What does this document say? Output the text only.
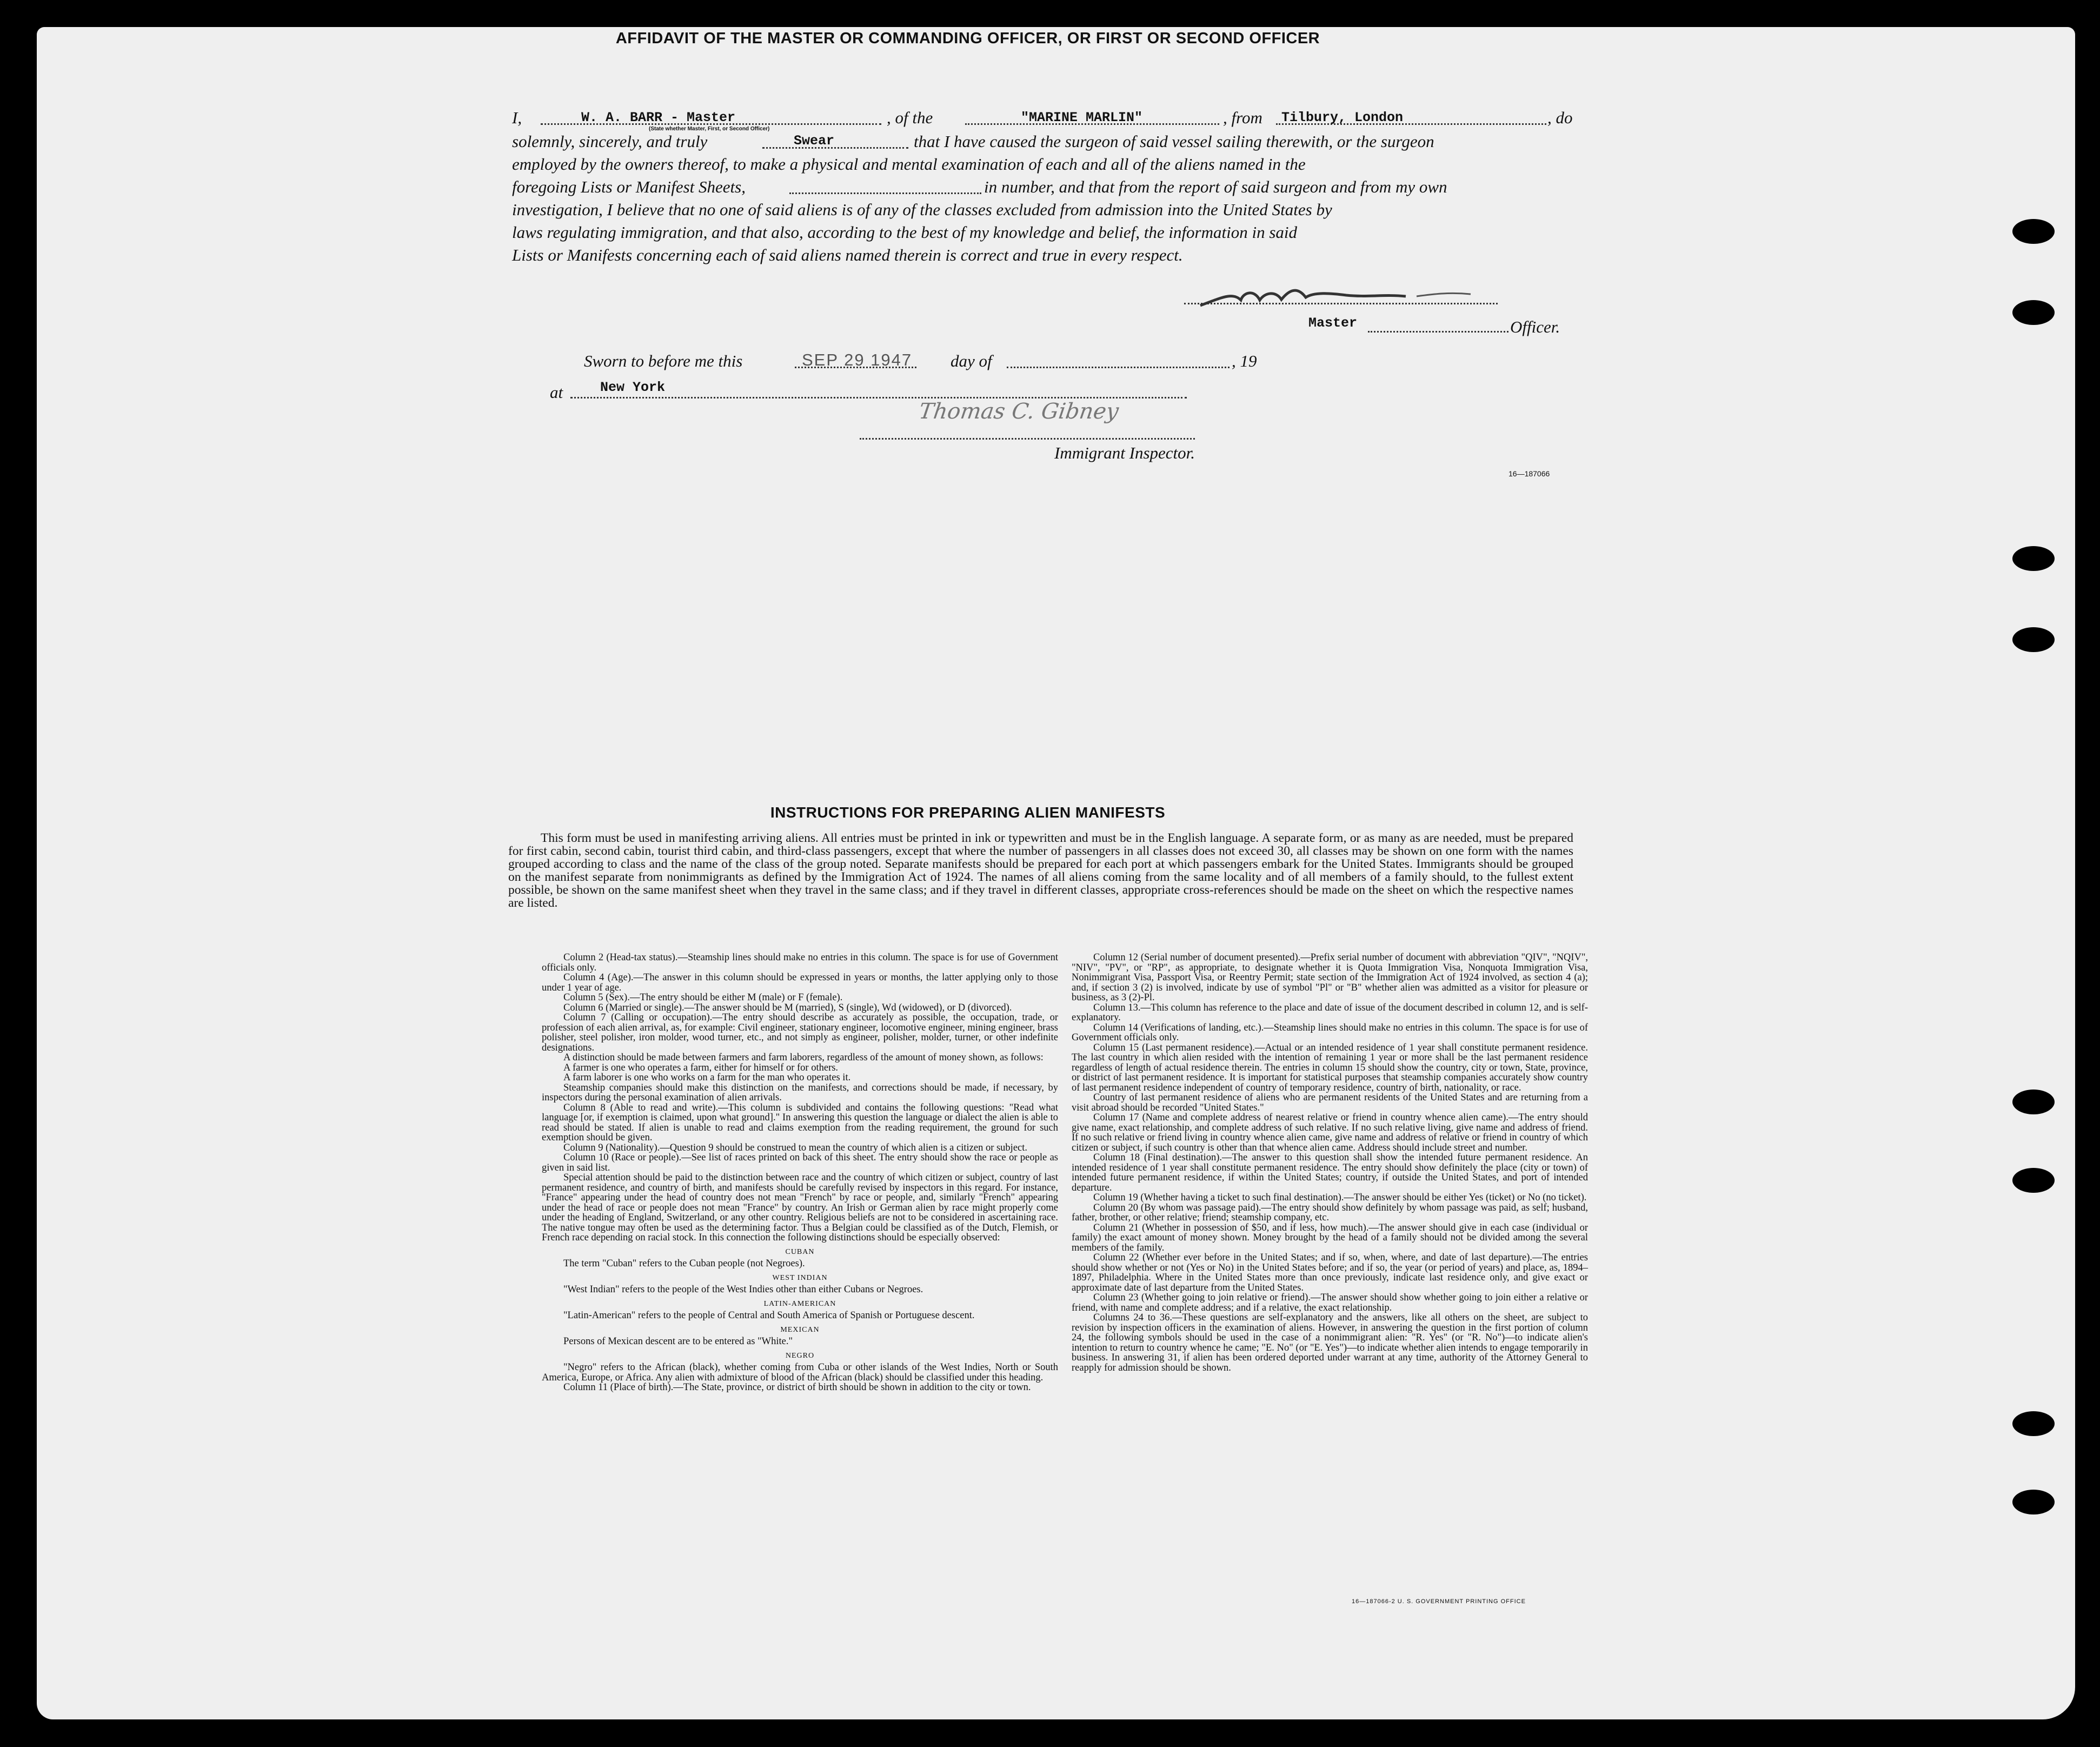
AFFIDAVIT OF THE MASTER OR COMMANDING OFFICER, OR FIRST OR SECOND OFFICER
I,	W. A. BARR - Master	, of the	"MARINE MARLIN"	, from Tilbury, London	, do
(State whether Master, First, or Second Officer)
solemnly, sincerely, and truly	Swear	that I have caused the surgeon of said vessel sailing therewith, or the surgeon
employed by the owners thereof, to make a physical and mental examination of each and all of the aliens named in the
foregoing Lists or Manifest Sheets,	in number, and that from the report of said surgeon and from my own
investigation, I believe that no one of said aliens is of any of the classes excluded from admission into the United States by
laws regulating immigration, and that also, according to the best of my knowledge and belief, the information in said
Lists or Manifests concerning each of said aliens named therein is correct and true in every respect.
Master	Officer.
Sworn to before me this	SEP 29 1947 day of	, 19
at	New York
Thomas C. Gibney
Immigrant Inspector.
16—187066
INSTRUCTIONS FOR PREPARING ALIEN MANIFESTS
This form must be used in manifesting arriving aliens. All entries must be printed in ink or typewritten and must be in the English language. A separate form, or as many as are needed, must be prepared for first cabin, second cabin, tourist third cabin, and third-class passengers, except that where the number of passengers in all classes does not exceed 30, all classes may be shown on one form with the names grouped according to class and the name of the class of the group noted. Separate manifests should be prepared for each port at which passengers embark for the United States. Immigrants should be grouped on the manifest separate from nonimmigrants as defined by the Immigration Act of 1924. The names of all aliens coming from the same locality and of all members of a family should, to the fullest extent possible, be shown on the same manifest sheet when they travel in the same class; and if they travel in different classes, appropriate cross-references should be made on the sheet on which the respective names are listed.

Column 2 (Head-tax status).—Steamship lines should make no entries in this column. The space is for use of Government officials only.

Column 4 (Age).—The answer in this column should be expressed in years or months, the latter applying only to those under 1 year of age.

Column 5 (Sex).—The entry should be either M (male) or F (female).

Column 6 (Married or single).—The answer should be M (married), S (single), Wd (widowed), or D (divorced).

Column 7 (Calling or occupation).—The entry should describe as accurately as possible, the occupation, trade, or profession of each alien arrival, as, for example: Civil engineer, stationary engineer, locomotive engineer, mining engineer, brass polisher, steel polisher, iron molder, wood turner, etc., and not simply as engineer, polisher, molder, turner, or other indefinite designations.

A distinction should be made between farmers and farm laborers, regardless of the amount of money shown, as follows:

A farmer is one who operates a farm, either for himself or for others.

A farm laborer is one who works on a farm for the man who operates it.

Steamship companies should make this distinction on the manifests, and corrections should be made, if necessary, by inspectors during the personal examination of alien arrivals.

Column 8 (Able to read and write).—This column is subdivided and contains the following questions: "Read what language [or, if exemption is claimed, upon what ground]." In answering this question the language or dialect the alien is able to read should be stated. If alien is unable to read and claims exemption from the reading requirement, the ground for such exemption should be given.

Column 9 (Nationality).—Question 9 should be construed to mean the country of which alien is a citizen or subject.

Column 10 (Race or people).—See list of races printed on back of this sheet. The entry should show the race or people as given in said list.

Special attention should be paid to the distinction between race and the country of which citizen or subject, country of last permanent residence, and country of birth, and manifests should be carefully revised by inspectors in this regard. For instance, "France" appearing under the head of country does not mean "French" by race or people, and, similarly "French" appearing under the head of race or people does not mean "France" by country. An Irish or German alien by race might properly come under the heading of England, Switzerland, or any other country. Religious beliefs are not to be considered in ascertaining race. The native tongue may often be used as the determining factor. Thus a Belgian could be classified as of the Dutch, Flemish, or French race depending on racial stock. In this connection the following distinctions should be especially observed:

CUBAN

The term "Cuban" refers to the Cuban people (not Negroes).

WEST INDIAN

"West Indian" refers to the people of the West Indies other than either Cubans or Negroes.

LATIN-AMERICAN

"Latin-American" refers to the people of Central and South America of Spanish or Portuguese descent.

MEXICAN

Persons of Mexican descent are to be entered as "White."

NEGRO

"Negro" refers to the African (black), whether coming from Cuba or other islands of the West Indies, North or South America, Europe, or Africa. Any alien with admixture of blood of the African (black) should be classified under this heading.

Column 11 (Place of birth).—The State, province, or district of birth should be shown in addition to the city or town.

Column 12 (Serial number of document presented).—Prefix serial number of document with abbreviation "QIV", "NQIV", "NIV", "PV", or "RP", as appropriate, to designate whether it is Quota Immigration Visa, Nonquota Immigration Visa, Nonimmigrant Visa, Passport Visa, or Reentry Permit; state section of the Immigration Act of 1924 involved, as section 4 (a); and, if section 3 (2) is involved, indicate by use of symbol "Pl" or "B" whether alien was admitted as a visitor for pleasure or business, as 3 (2)-Pl.

Column 13.—This column has reference to the place and date of issue of the document described in column 12, and is self-explanatory.

Column 14 (Verifications of landing, etc.).—Steamship lines should make no entries in this column. The space is for use of Government officials only.

Column 15 (Last permanent residence).—Actual or an intended residence of 1 year shall constitute permanent residence. The last country in which alien resided with the intention of remaining 1 year or more shall be the last permanent residence regardless of length of actual residence therein. The entries in column 15 should show the country, city or town, State, province, or district of last permanent residence. It is important for statistical purposes that steamship companies accurately show country of last permanent residence independent of country of temporary residence, country of birth, nationality, or race.

Country of last permanent residence of aliens who are permanent residents of the United States and are returning from a visit abroad should be recorded "United States."

Column 17 (Name and complete address of nearest relative or friend in country whence alien came).—The entry should give name, exact relationship, and complete address of such relative. If no such relative living, give name and address of friend. If no such relative or friend living in country whence alien came, give name and address of relative or friend in country of which citizen or subject, if such country is other than that whence alien came. Address should include street and number.

Column 18 (Final destination).—The answer to this question shall show the intended future permanent residence. An intended residence of 1 year shall constitute permanent residence. The entry should show definitely the place (city or town) of intended future permanent residence, if within the United States; country, if outside the United States, and port of intended departure.

Column 19 (Whether having a ticket to such final destination).—The answer should be either Yes (ticket) or No (no ticket).

Column 20 (By whom was passage paid).—The entry should show definitely by whom passage was paid, as self; husband, father, brother, or other relative; friend; steamship company, etc.

Column 21 (Whether in possession of $50, and if less, how much).—The answer should give in each case (individual or family) the exact amount of money shown. Money brought by the head of a family should not be divided among the several members of the family.

Column 22 (Whether ever before in the United States; and if so, when, where, and date of last departure).—The entries should show whether or not (Yes or No) in the United States before; and if so, the year (or period of years) and place, as, 1894–1897, Philadelphia. Where in the United States more than once previously, indicate last residence only, and give exact or approximate date of last departure from the United States.

Column 23 (Whether going to join relative or friend).—The answer should show whether going to join either a relative or friend, with name and complete address; and if a relative, the exact relationship.

Columns 24 to 36.—These questions are self-explanatory and the answers, like all others on the sheet, are subject to revision by inspection officers in the examination of aliens. However, in answering the question in the first portion of column 24, the following symbols should be used in the case of a nonimmigrant alien: "R. Yes" (or "R. No")—to indicate alien's intention to return to country whence he came; "E. No" (or "E. Yes")—to indicate whether alien intends to engage temporarily in business. In answering 31, if alien has been ordered deported under warrant at any time, authority of the Attorney General to reapply for admission should be shown.

16—187066-2 U. S. GOVERNMENT PRINTING OFFICE
